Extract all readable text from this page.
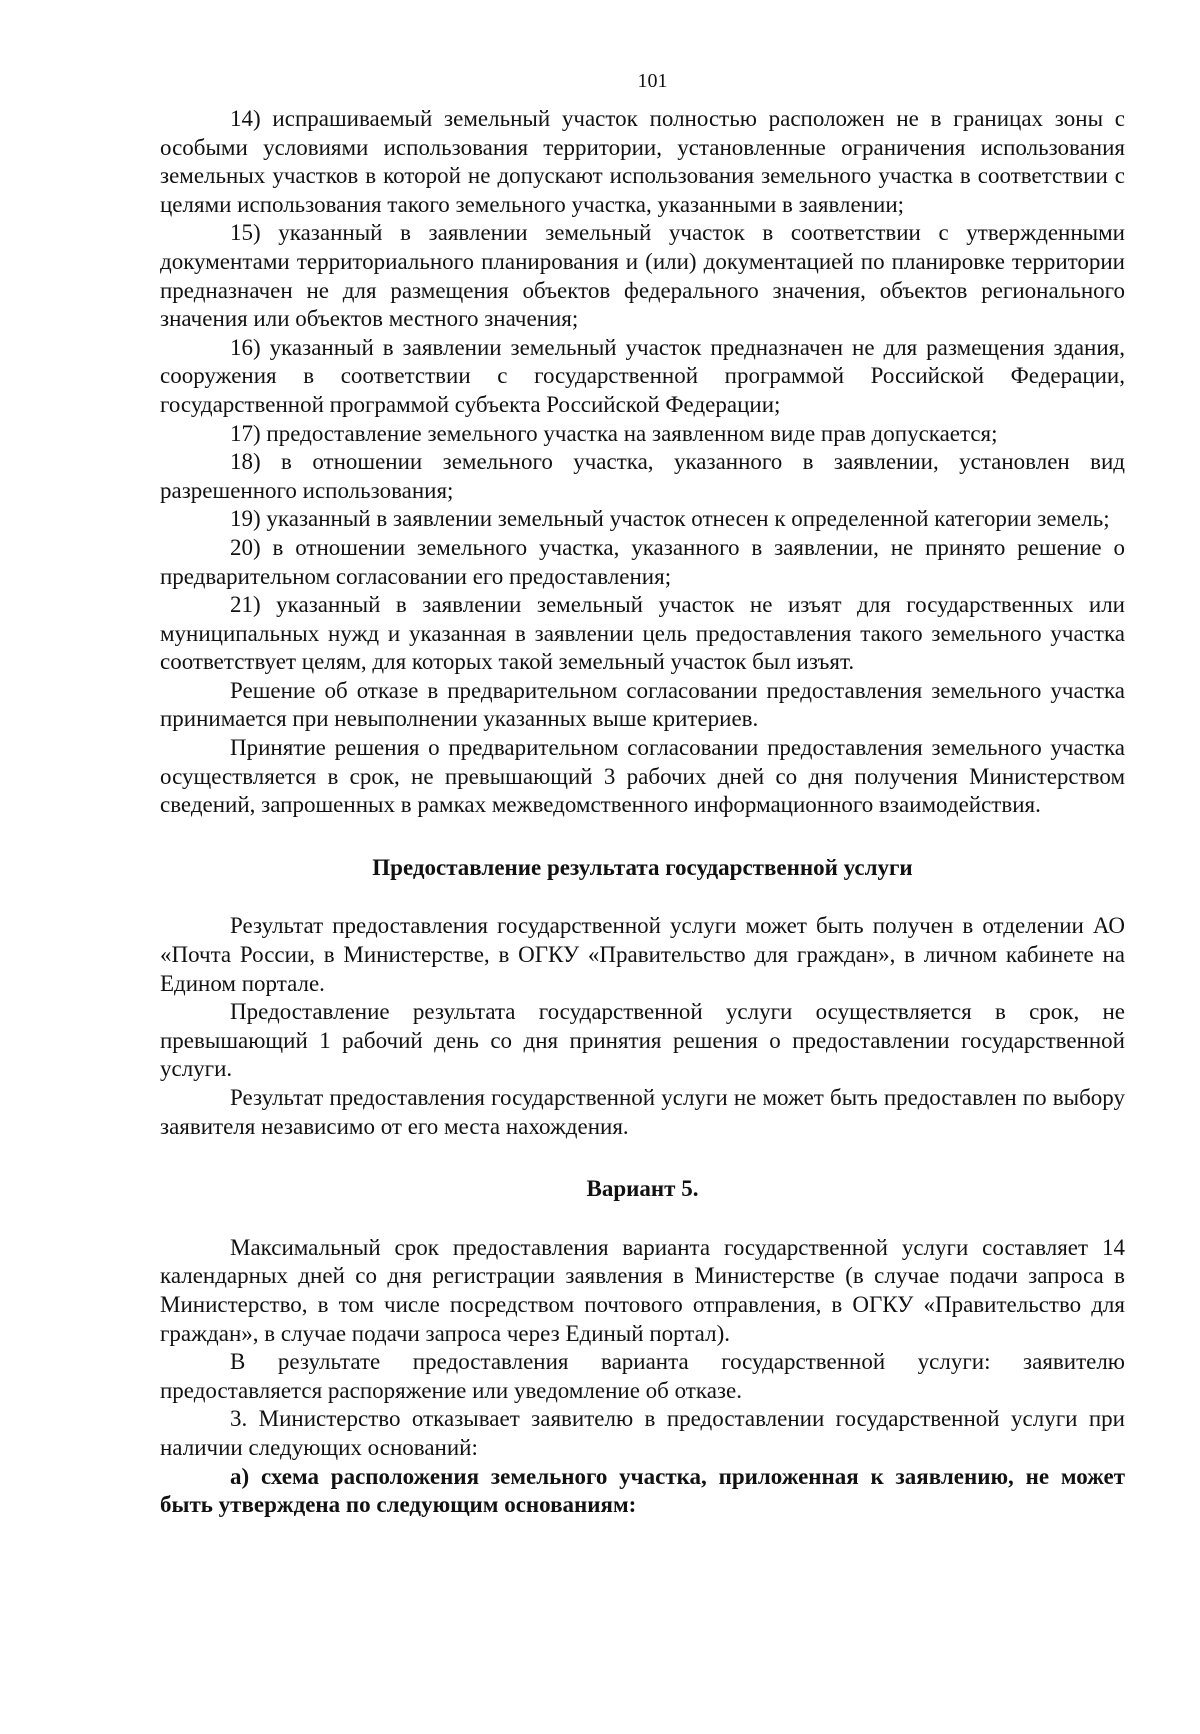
101

14) испрашиваемый земельный участок полностью расположен не в границах зоны с особыми условиями использования территории, установленные ограничения использования земельных участков в которой не допускают использования земельного участка в соответствии с целями использования такого земельного участка, указанными в заявлении;

15) указанный в заявлении земельный участок в соответствии с утвержденными документами территориального планирования и (или) документацией по планировке территории предназначен не для размещения объектов федерального значения, объектов регионального значения или объектов местного значения;

16) указанный в заявлении земельный участок предназначен не для размещения здания, сооружения в соответствии с государственной программой Российской Федерации, государственной программой субъекта Российской Федерации;

17) предоставление земельного участка на заявленном виде прав допускается;

18) в отношении земельного участка, указанного в заявлении, установлен вид разрешенного использования;

19) указанный в заявлении земельный участок отнесен к определенной категории земель;

20) в отношении земельного участка, указанного в заявлении, не принято решение о предварительном согласовании его предоставления;

21) указанный в заявлении земельный участок не изъят для государственных или муниципальных нужд и указанная в заявлении цель предоставления такого земельного участка соответствует целям, для которых такой земельный участок был изъят.

Решение об отказе в предварительном согласовании предоставления земельного участка принимается при невыполнении указанных выше критериев.

Принятие решения о предварительном согласовании предоставления земельного участка осуществляется в срок, не превышающий 3 рабочих дней со дня получения Министерством сведений, запрошенных в рамках межведомственного информационного взаимодействия.

Предоставление результата государственной услуги

Результат предоставления государственной услуги может быть получен в отделении АО «Почта России, в Министерстве, в ОГКУ «Правительство для граждан», в личном кабинете на Едином портале.

Предоставление результата государственной услуги осуществляется в срок, не превышающий 1 рабочий день со дня принятия решения о предоставлении государственной услуги.

Результат предоставления государственной услуги не может быть предоставлен по выбору заявителя независимо от его места нахождения.

Вариант 5.

Максимальный срок предоставления варианта государственной услуги составляет 14 календарных дней со дня регистрации заявления в Министерстве (в случае подачи запроса в Министерство, в том числе посредством почтового отправления, в ОГКУ «Правительство для граждан», в случае подачи запроса через Единый портал).

В результате предоставления варианта государственной услуги: заявителю предоставляется распоряжение или уведомление об отказе.

3. Министерство отказывает заявителю в предоставлении государственной услуги при наличии следующих оснований:

а) схема расположения земельного участка, приложенная к заявлению, не может быть утверждена по следующим основаниям:
